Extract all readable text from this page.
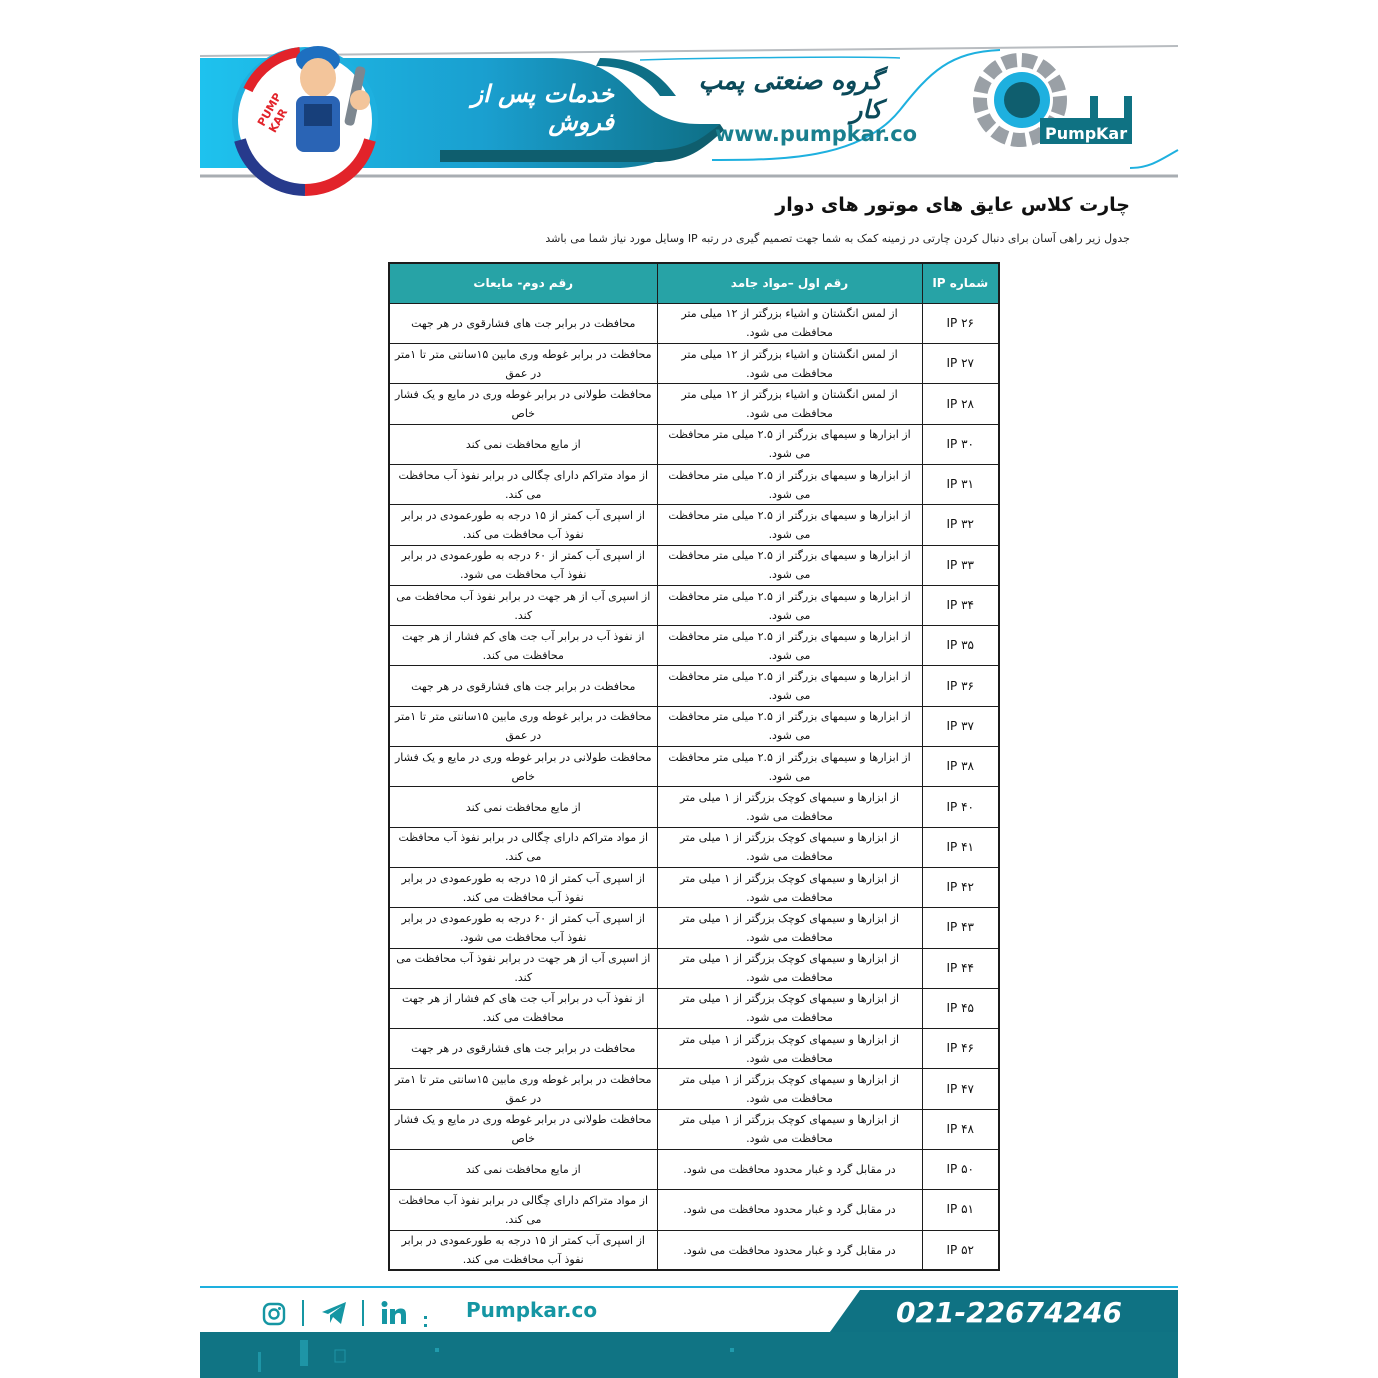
PUMP KAR
گروه صنعتی پمپ کار
www.pumpkar.co
خدمات پس از فروش	Pump Kar
چارت کلاس عایق های موتور های دوار
جدول زیر راهی آسان برای دنبال کردن چارتی در زمینه کمک به شما جهت تصمیم گیری در رتبه IP وسایل مورد نیاز شما می باشد
شماره IP	رقم اول –مواد جامد	رقم دوم- مایعات
IP ۲۶	از لمس انگشتان و اشیاء بزرگتر از ۱۲ میلی متر محافظت می شود.	محافظت در برابر جت های فشارقوی در هر جهت
IP ۲۷	از لمس انگشتان و اشیاء بزرگتر از ۱۲ میلی متر محافظت می شود.	محافظت در برابر غوطه وری مابین ۱۵سانتی متر تا ۱متر در عمق
IP ۲۸	از لمس انگشتان و اشیاء بزرگتر از ۱۲ میلی متر محافظت می شود.	محافظت طولانی در برابر غوطه وری در مایع و یک فشار خاص
IP ۳۰	از ابزارها و سیمهای بزرگتر از ۲.۵ میلی متر محافظت می شود.	از مایع محافظت نمی کند
IP ۳۱	از ابزارها و سیمهای بزرگتر از ۲.۵ میلی متر محافظت می شود.	از مواد متراکم دارای چگالی در برابر نفوذ آب محافظت می کند.
IP ۳۲	از ابزارها و سیمهای بزرگتر از ۲.۵ میلی متر محافظت می شود.	از اسپری آب کمتر از ۱۵ درجه به طورعمودی در برابر نفوذ آب محافظت می کند.
IP ۳۳	از ابزارها و سیمهای بزرگتر از ۲.۵ میلی متر محافظت می شود.	از اسپری آب کمتر از ۶۰ درجه به طورعمودی در برابر نفوذ آب محافظت می شود.
IP ۳۴	از ابزارها و سیمهای بزرگتر از ۲.۵ میلی متر محافظت می شود.	از اسپری آب از هر جهت در برابر نفوذ آب محافظت می کند.
IP ۳۵	از ابزارها و سیمهای بزرگتر از ۲.۵ میلی متر محافظت می شود.	از نفوذ آب در برابر آب جت های کم فشار از هر جهت محافظت می کند.
IP ۳۶	از ابزارها و سیمهای بزرگتر از ۲.۵ میلی متر محافظت می شود.	محافظت در برابر جت های فشارقوی در هر جهت
IP ۳۷	از ابزارها و سیمهای بزرگتر از ۲.۵ میلی متر محافظت می شود.	محافظت در برابر غوطه وری مابین ۱۵سانتی متر تا ۱متر در عمق
IP ۳۸	از ابزارها و سیمهای بزرگتر از ۲.۵ میلی متر محافظت می شود.	محافظت طولانی در برابر غوطه وری در مایع و یک فشار خاص
IP ۴۰	از ابزارها و سیمهای کوچک بزرگتر از ۱ میلی متر محافظت می شود.	از مایع محافظت نمی کند
IP ۴۱	از ابزارها و سیمهای کوچک بزرگتر از ۱ میلی متر محافظت می شود.	از مواد متراکم دارای چگالی در برابر نفوذ آب محافظت می کند.
IP ۴۲	از ابزارها و سیمهای کوچک بزرگتر از ۱ میلی متر محافظت می شود.	از اسپری آب کمتر از ۱۵ درجه به طورعمودی در برابر نفوذ آب محافظت می کند.
IP ۴۳	از ابزارها و سیمهای کوچک بزرگتر از ۱ میلی متر محافظت می شود.	از اسپری آب کمتر از ۶۰ درجه به طورعمودی در برابر نفوذ آب محافظت می شود.
IP ۴۴	از ابزارها و سیمهای کوچک بزرگتر از ۱ میلی متر محافظت می شود.	از اسپری آب از هر جهت در برابر نفوذ آب محافظت می کند.
IP ۴۵	از ابزارها و سیمهای کوچک بزرگتر از ۱ میلی متر محافظت می شود.	از نفوذ آب در برابر آب جت های کم فشار از هر جهت محافظت می کند.
IP ۴۶	از ابزارها و سیمهای کوچک بزرگتر از ۱ میلی متر محافظت می شود.	محافظت در برابر جت های فشارقوی در هر جهت
IP ۴۷	از ابزارها و سیمهای کوچک بزرگتر از ۱ میلی متر محافظت می شود.	محافظت در برابر غوطه وری مابین ۱۵سانتی متر تا ۱متر در عمق
IP ۴۸	از ابزارها و سیمهای کوچک بزرگتر از ۱ میلی متر محافظت می شود.	محافظت طولانی در برابر غوطه وری در مایع و یک فشار خاص
IP ۵۰	در مقابل گرد و غبار محدود محافظت می شود.	از مایع محافظت نمی کند
IP ۵۱	در مقابل گرد و غبار محدود محافظت می شود.	از مواد متراکم دارای چگالی در برابر نفوذ آب محافظت می کند.
IP ۵۲	در مقابل گرد و غبار محدود محافظت می شود.	از اسپری آب کمتر از ۱۵ درجه به طورعمودی در برابر نفوذ آب محافظت می کند.
Pumpkar.co	021-22674246
